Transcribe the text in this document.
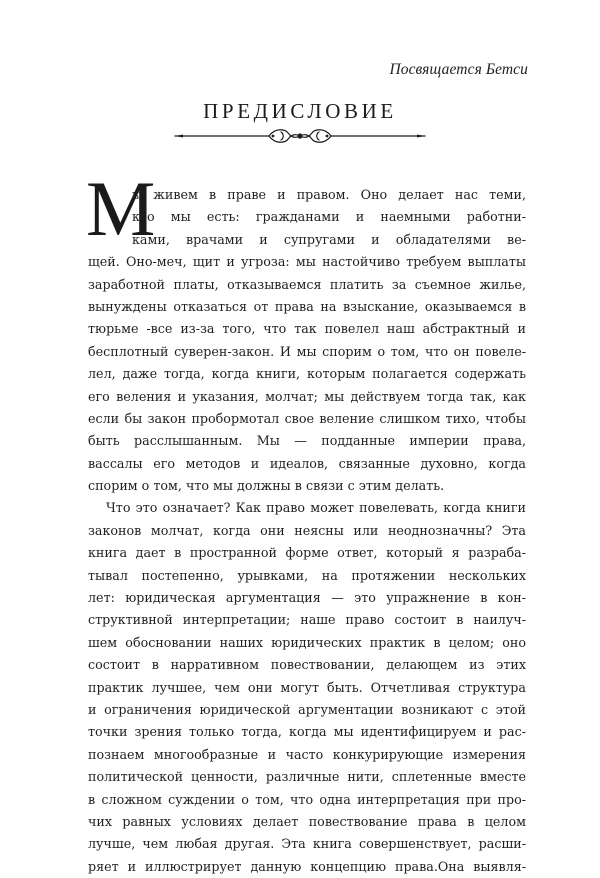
Посвящается Бетси
ПРЕДИСЛОВИЕ
М
ы живем в праве и правом. Оно делает нас теми,
кто мы есть: гражданами и наемными работни-
ками, врачами и супругами и обладателями ве-
щей. Оно-меч, щит и угроза: мы настойчиво требуем выплаты
заработной платы, отказываемся платить за съемное жилье,
вынуждены отказаться от права на взыскание, оказываемся в
тюрьме -все из-за того, что так повелел наш абстрактный и
бесплотный суверен-закон. И мы спорим о том, что он повеле-
лел, даже тогда, когда книги, которым полагается содержать
его веления и указания, молчат; мы действуем тогда так, как
если бы закон пробормотал свое веление слишком тихо, чтобы
быть расслышанным. Мы — подданные империи права,
вассалы его методов и идеалов, связанные духовно, когда
спорим о том, что мы должны в связи с этим делать.
Что это означает? Как право может повелевать, когда книги
законов молчат, когда они неясны или неоднозначны? Эта
книга дает в пространной форме ответ, который я разраба-
тывал постепенно, урывками, на протяжении нескольких
лет: юридическая аргументация — это упражнение в кон-
структивной интерпретации; наше право состоит в наилуч-
шем обосновании наших юридических практик в целом; оно
состоит в нарративном повествовании, делающем из этих
практик лучшее, чем они могут быть. Отчетливая структура
и ограничения юридической аргументации возникают с этой
точки зрения только тогда, когда мы идентифицируем и рас-
познаем многообразные и часто конкурирующие измерения
политической ценности, различные нити, сплетенные вместе
в сложном суждении о том, что одна интерпретация при про-
чих равных условиях делает повествование права в целом
лучше, чем любая другая. Эта книга совершенствует, расши-
ряет и иллюстрирует данную концепцию права.Она выявля-
